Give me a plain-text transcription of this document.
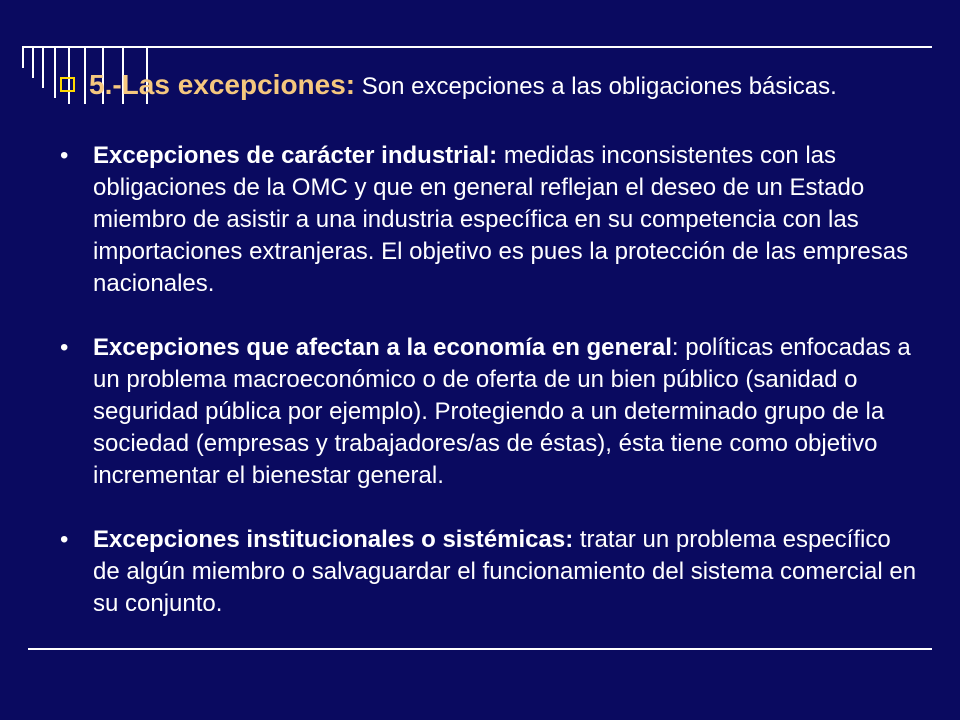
5.-Las excepciones: Son excepciones a las obligaciones básicas.
• Excepciones de carácter industrial: medidas inconsistentes con las obligaciones de la OMC y que en general reflejan el deseo de un Estado miembro de asistir a una industria específica en su competencia con las importaciones extranjeras. El objetivo es pues la protección de las empresas nacionales.
• Excepciones que afectan a la economía en general: políticas enfocadas a un problema macroeconómico o de oferta de un bien público (sanidad o seguridad pública por ejemplo). Protegiendo a un determinado grupo de la sociedad (empresas y trabajadores/as de éstas), ésta tiene como objetivo incrementar el bienestar general.
• Excepciones institucionales o sistémicas: tratar un problema específico de algún miembro o salvaguardar el funcionamiento del sistema comercial en su conjunto.
